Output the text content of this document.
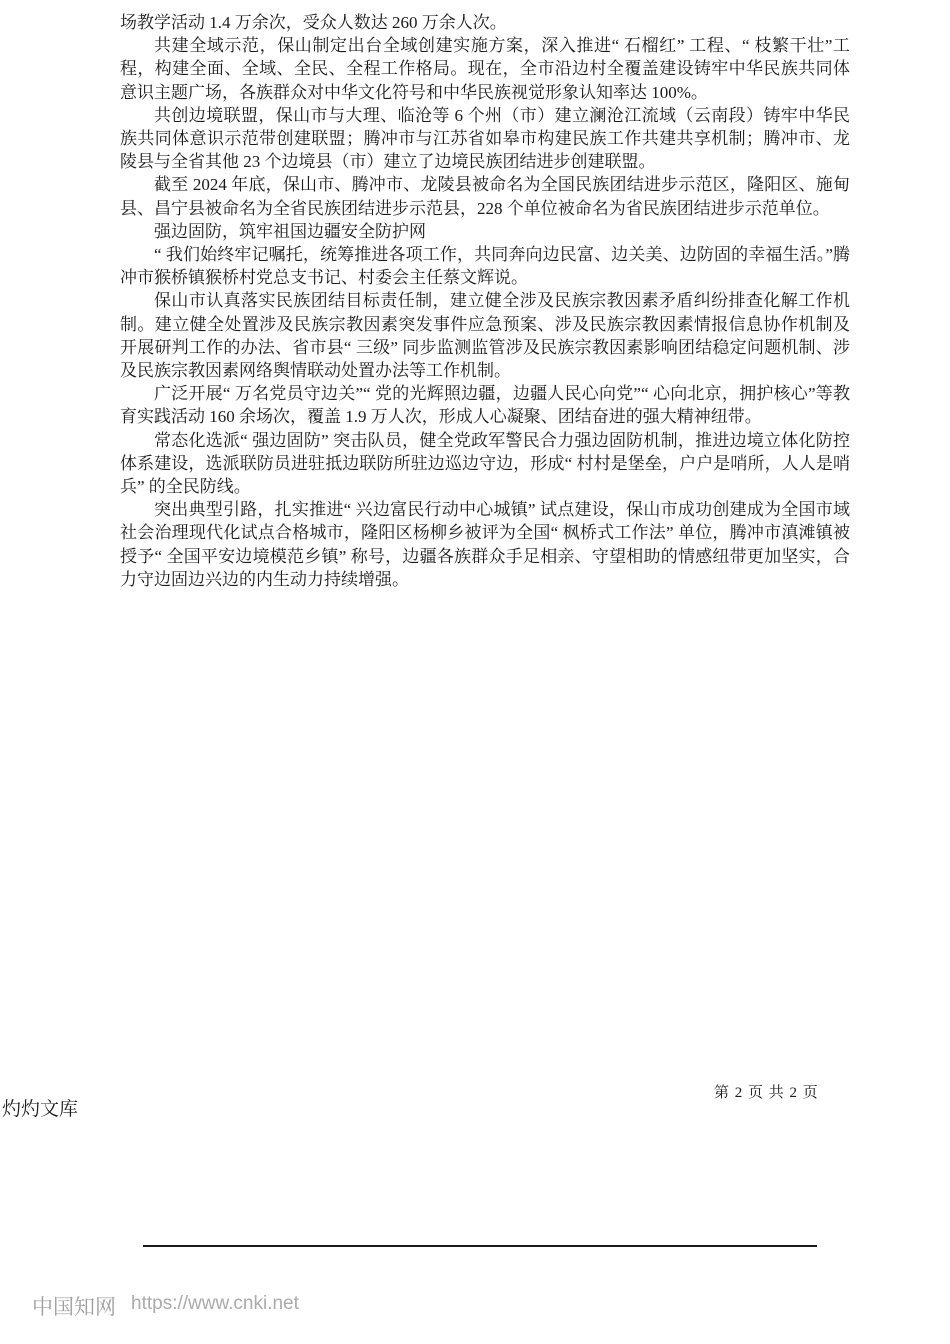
场教学活动 1.4 万余次，受众人数达 260 万余人次。

共建全域示范，保山制定出台全域创建实施方案，深入推进“ 石榴红” 工程、“ 枝繁干壮”工程，构建全面、全域、全民、全程工作格局。现在，全市沿边村全覆盖建设铸牢中华民族共同体意识主题广场，各族群众对中华文化符号和中华民族视觉形象认知率达 100%。

共创边境联盟，保山市与大理、临沧等 6 个州（市）建立澜沧江流域（云南段）铸牢中华民族共同体意识示范带创建联盟；腾冲市与江苏省如皋市构建民族工作共建共享机制；腾冲市、龙陵县与全省其他 23 个边境县（市）建立了边境民族团结进步创建联盟。

截至 2024 年底，保山市、腾冲市、龙陵县被命名为全国民族团结进步示范区，隆阳区、施甸县、昌宁县被命名为全省民族团结进步示范县，228 个单位被命名为省民族团结进步示范单位。

强边固防，筑牢祖国边疆安全防护网

“ 我们始终牢记嘱托，统筹推进各项工作，共同奔向边民富、边关美、边防固的幸福生活。”腾冲市猴桥镇猴桥村党总支书记、村委会主任蔡文辉说。

保山市认真落实民族团结目标责任制，建立健全涉及民族宗教因素矛盾纠纷排查化解工作机制。建立健全处置涉及民族宗教因素突发事件应急预案、涉及民族宗教因素情报信息协作机制及开展研判工作的办法、省市县“ 三级” 同步监测监管涉及民族宗教因素影响团结稳定问题机制、涉及民族宗教因素网络舆情联动处置办法等工作机制。

广泛开展“ 万名党员守边关”“ 党的光辉照边疆，边疆人民心向党”“ 心向北京，拥护核心”等教育实践活动 160 余场次，覆盖 1.9 万人次，形成人心凝聚、团结奋进的强大精神纽带。

常态化选派“ 强边固防” 突击队员，健全党政军警民合力强边固防机制，推进边境立体化防控体系建设，选派联防员进驻抵边联防所驻边巡边守边，形成“ 村村是堡垒，户户是哨所，人人是哨兵” 的全民防线。

突出典型引路，扎实推进“ 兴边富民行动中心城镇” 试点建设，保山市成功创建成为全国市域社会治理现代化试点合格城市，隆阳区杨柳乡被评为全国“ 枫桥式工作法” 单位，腾冲市滇滩镇被授予“ 全国平安边境模范乡镇” 称号，边疆各族群众手足相亲、守望相助的情感纽带更加坚实，合力守边固边兴边的内生动力持续增强。

第 2 页 共 2 页
灼灼文库
中国知网 https://www.cnki.net
